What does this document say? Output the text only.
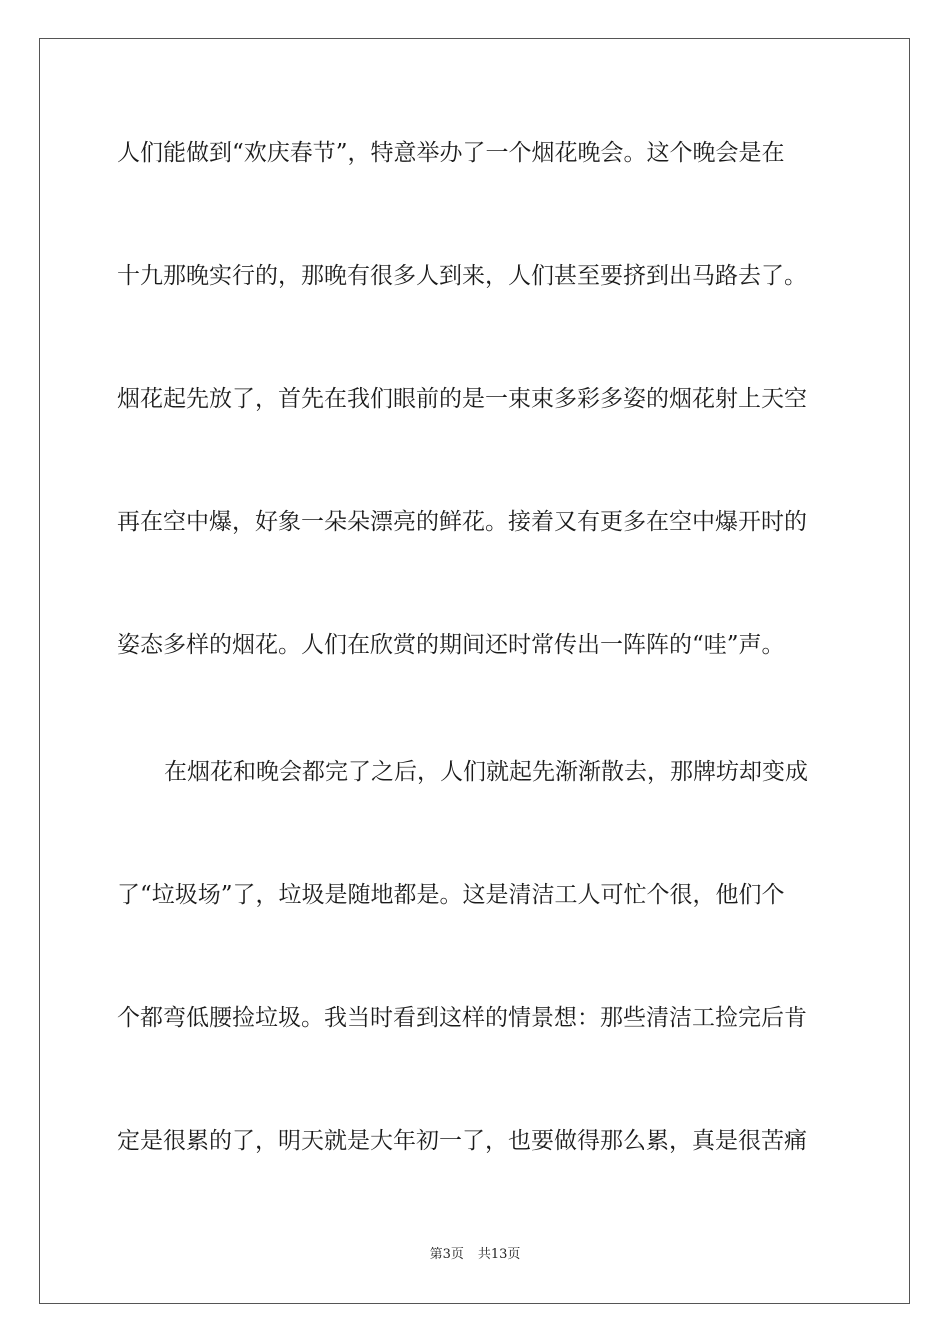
人们能做到“欢庆春节”，特意举办了一个烟花晚会。这个晚会是在
十九那晚实行的，那晚有很多人到来，人们甚至要挤到出马路去了。
烟花起先放了，首先在我们眼前的是一束束多彩多姿的烟花射上天空
再在空中爆，好象一朵朵漂亮的鲜花。接着又有更多在空中爆开时的
姿态多样的烟花。人们在欣赏的期间还时常传出一阵阵的“哇”声。
在烟花和晚会都完了之后，人们就起先渐渐散去，那牌坊却变成
了“垃圾场”了，垃圾是随地都是。这是清洁工人可忙个很，他们个
个都弯低腰捡垃圾。我当时看到这样的情景想：那些清洁工捡完后肯
定是很累的了，明天就是大年初一了，也要做得那么累，真是很苦痛
第3页 共13页
